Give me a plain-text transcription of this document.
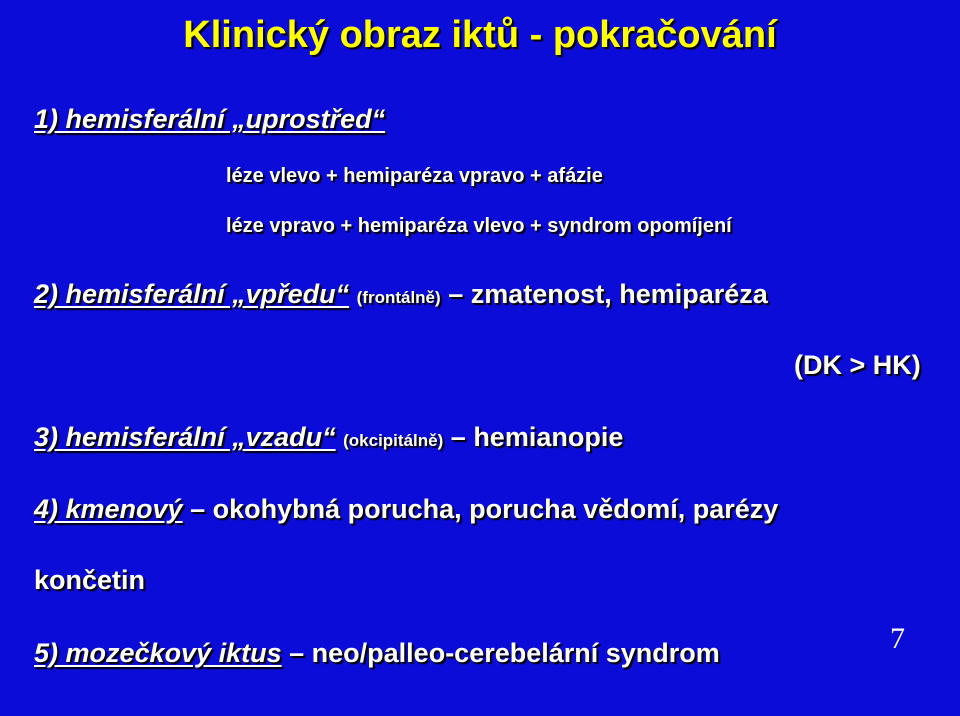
Klinický obraz iktů - pokračování
1) hemisferální „uprostřed“
léze vlevo + hemiparéza vpravo + afázie
léze vpravo + hemiparéza vlevo + syndrom opomíjení
2) hemisferální „vpředu“ (frontálně) – zmatenost, hemiparéza
(DK > HK)
3) hemisferální „vzadu“ (okcipitálně) – hemianopie
4) kmenový – okohybná porucha, porucha vědomí, parézy
končetin
5) mozečkový iktus – neo/palleo-cerebelární syndrom	7
